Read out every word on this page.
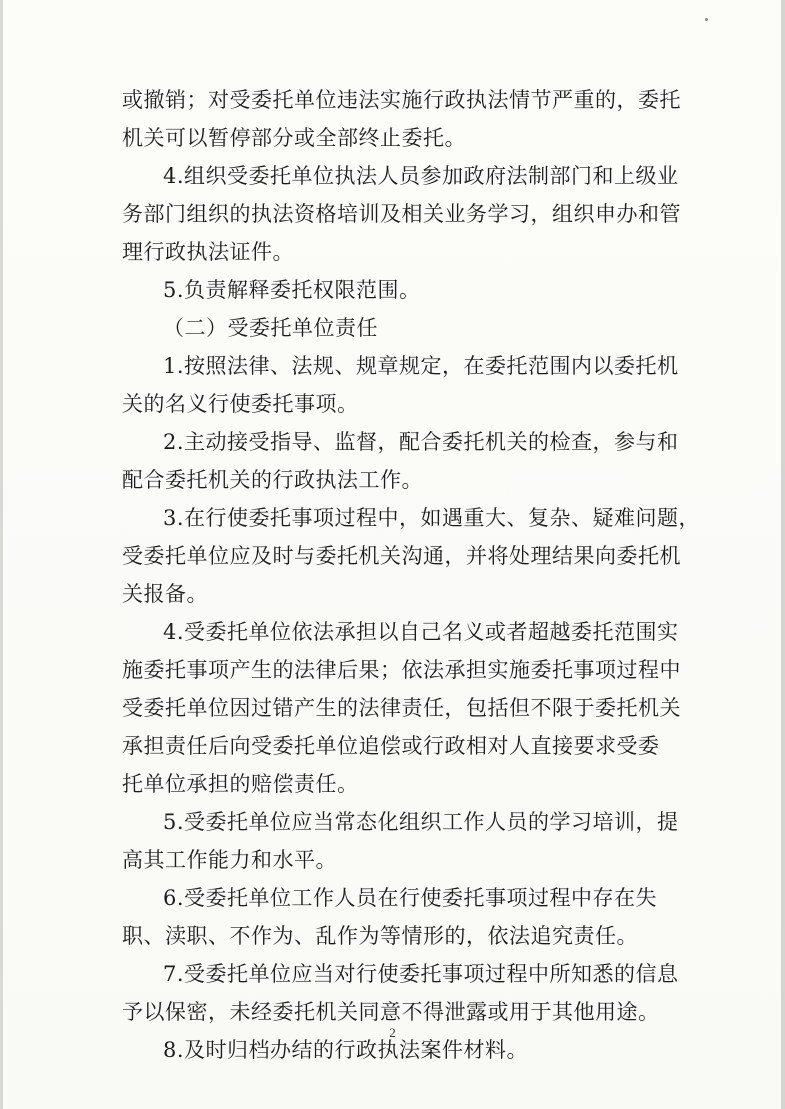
或撤销；对受委托单位违法实施行政执法情节严重的，委托
机关可以暂停部分或全部终止委托。
4.组织受委托单位执法人员参加政府法制部门和上级业
务部门组织的执法资格培训及相关业务学习，组织申办和管
理行政执法证件。
5.负责解释委托权限范围。
（二）受委托单位责任
1.按照法律、法规、规章规定，在委托范围内以委托机
关的名义行使委托事项。
2.主动接受指导、监督，配合委托机关的检查，参与和
配合委托机关的行政执法工作。
3.在行使委托事项过程中，如遇重大、复杂、疑难问题，
受委托单位应及时与委托机关沟通，并将处理结果向委托机
关报备。
4.受委托单位依法承担以自己名义或者超越委托范围实
施委托事项产生的法律后果；依法承担实施委托事项过程中
受委托单位因过错产生的法律责任，包括但不限于委托机关
承担责任后向受委托单位追偿或行政相对人直接要求受委
托单位承担的赔偿责任。
5.受委托单位应当常态化组织工作人员的学习培训，提
高其工作能力和水平。
6.受委托单位工作人员在行使委托事项过程中存在失
职、渎职、不作为、乱作为等情形的，依法追究责任。
7.受委托单位应当对行使委托事项过程中所知悉的信息
予以保密，未经委托机关同意不得泄露或用于其他用途。
8.及时归档办结的行政执法案件材料。
2
